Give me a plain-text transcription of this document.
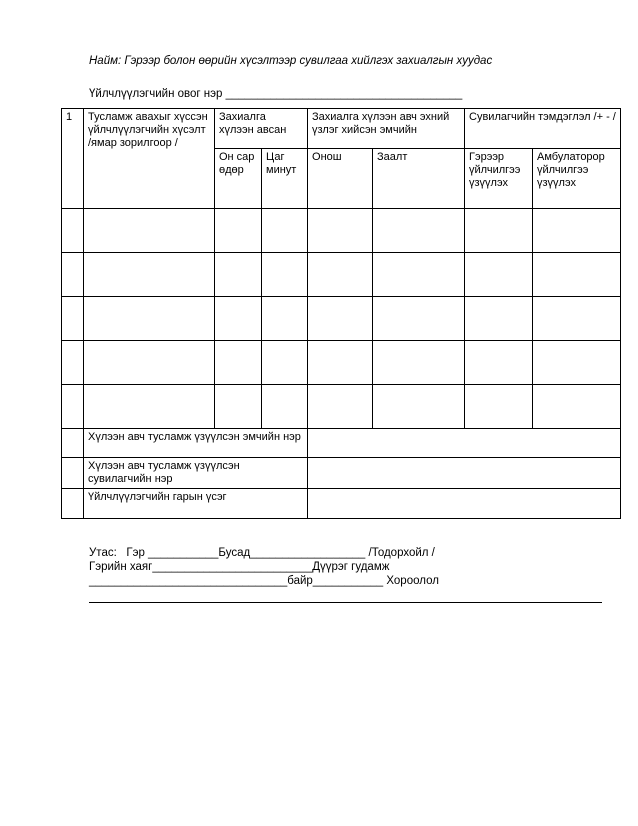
Найм: Гэрээр болон өөрийн хүсэлтээр сувилгаа хийлгэх захиалгын хуудас
Үйлчлүүлэгчийн овог нэр _____________________________________
1	Тусламж авахыг хүссэн үйлчлүүлэгчийн хүсэлт /ямар зорилгоор /	Захиалга хүлээн авсан		Захиалга хүлээн авч эхний үзлэг хийсэн эмчийн		Сувилагчийн тэмдэглэл /+ - /	
		Он сар өдөр	Цаг минут	Онош	Заалт	Гэрээр үйлчилгээ үзүүлэх	Амбулаторор үйлчилгээ үзүүлэх

	Хүлээн авч тусламж үзүүлсэн эмчийн нэр						
	Хүлээн авч тусламж үзүүлсэн сувилагчийн нэр						
	Үйлчлүүлэгчийн гарын үсэг						
Утас:   Гэр ___________Бусад__________________ /Тодорхойл /
Гэрийн хаяг_________________________Дүүрэг гудамж
_______________________________байр___________ Хороолол
